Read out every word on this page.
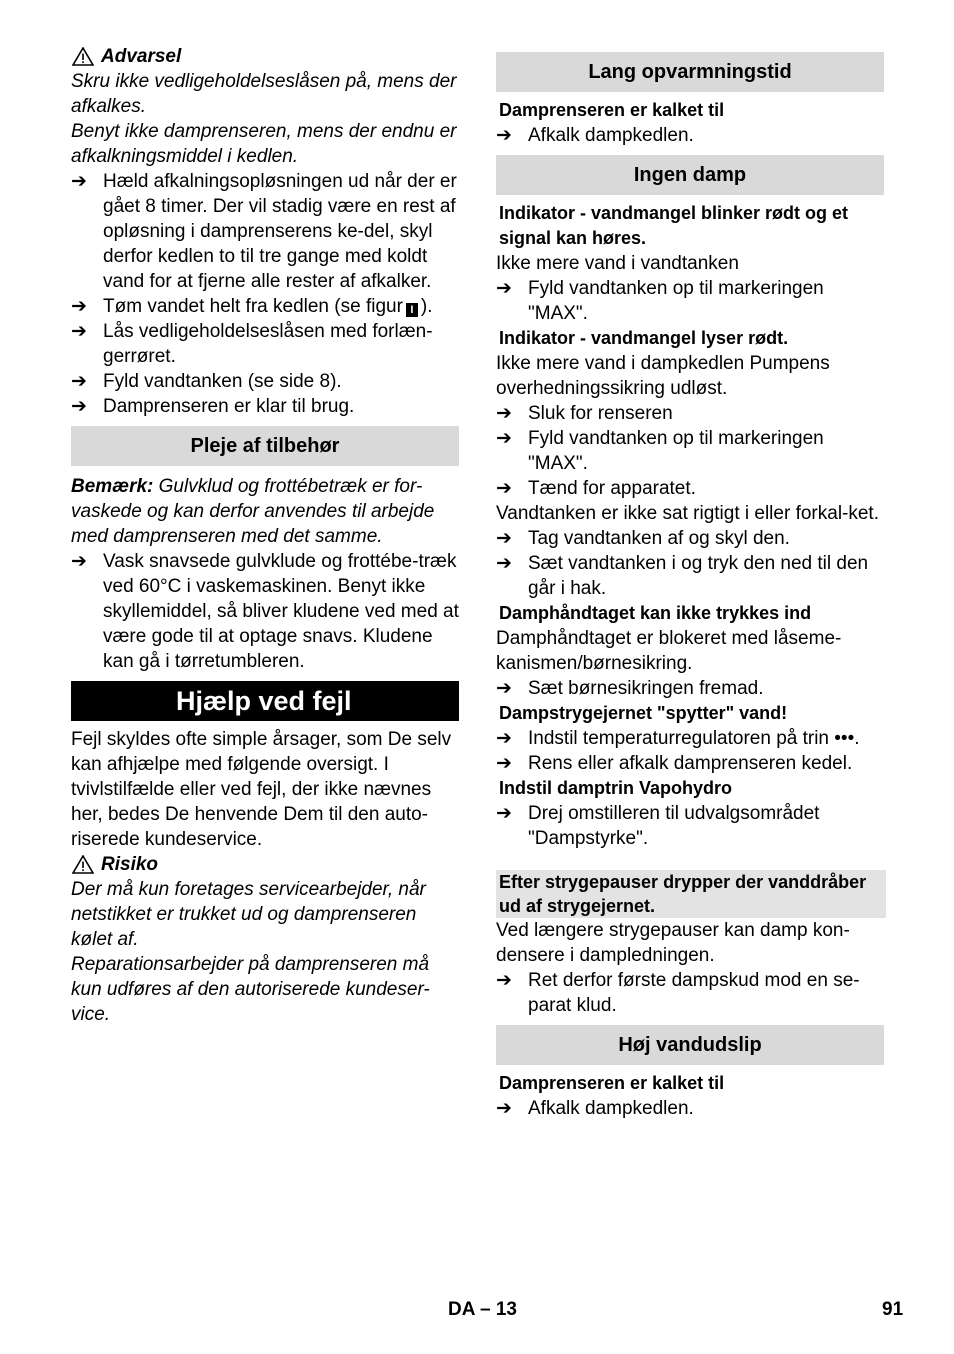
Advarsel

Skru ikke vedligeholdelseslåsen på, mens der afkalkes.

Benyt ikke damprenseren, mens der endnu er afkalkningsmiddel i kedlen.

➔ Hæld afkalningsopløsningen ud når der er gået 8 timer. Der vil stadig være en rest af opløsning i damprenserens ke-del, skyl derfor kedlen to til tre gange med koldt vand for at fjerne alle rester af afkalker.
➔ Tøm vandet helt fra kedlen (se figur I ).
➔ Lås vedligeholdelseslåsen med forlæn-gerrøret.
➔ Fyld vandtanken (se side 8).
➔ Damprenseren er klar til brug.
Pleje af tilbehør

Bemærk: Gulvklud og frottébetræk er for-vaskede og kan derfor anvendes til arbejde med damprenseren med det samme.

➔ Vask snavsede gulvklude og frottébe-træk ved 60°C i vaskemaskinen. Benyt ikke skyllemiddel, så bliver kludene ved med at være gode til at optage snavs. Kludene kan gå i tørretumbleren.
Hjælp ved fejl

Fejl skyldes ofte simple årsager, som De selv kan afhjælpe med følgende oversigt. I tvivlstilfælde eller ved fejl, der ikke nævnes her, bedes De henvende Dem til den auto-riserede kundeservice.

Risiko

Der må kun foretages servicearbejder, når netstikket er trukket ud og damprenseren kølet af.

Reparationsarbejder på damprenseren må kun udføres af den autoriserede kundeser-vice.

Lang opvarmningstid

Damprenseren er kalket til

➔ Afkalk dampkedlen.
Ingen damp

Indikator - vandmangel blinker rødt og et signal kan høres.

Ikke mere vand i vandtanken

➔ Fyld vandtanken op til markeringen "MAX".

Indikator - vandmangel lyser rødt.

Ikke mere vand i dampkedlen Pumpens overhedningssikring udløst.

➔ Sluk for renseren
➔ Fyld vandtanken op til markeringen "MAX".
➔ Tænd for apparatet.

Vandtanken er ikke sat rigtigt i eller forkal-ket.

➔ Tag vandtanken af og skyl den.
➔ Sæt vandtanken i og tryk den ned til den går i hak.

Damphåndtaget kan ikke trykkes ind

Damphåndtaget er blokeret med låseme-kanismen/børnesikring.

➔ Sæt børnesikringen fremad.

Dampstrygejernet "spytter" vand!

➔ Indstil temperaturregulatoren på trin •••.
➔ Rens eller afkalk damprenseren kedel.

Indstil damptrin Vapohydro

➔ Drej omstilleren til udvalgsområdet "Dampstyrke".
Efter strygepauser drypper der vanddråber ud af strygejernet.

Ved længere strygepauser kan damp kon-densere i dampledningen.

➔ Ret derfor første dampskud mod en se-parat klud.
Høj vandudslip

Damprenseren er kalket til

➔ Afkalk dampkedlen.
DA – 13	91
